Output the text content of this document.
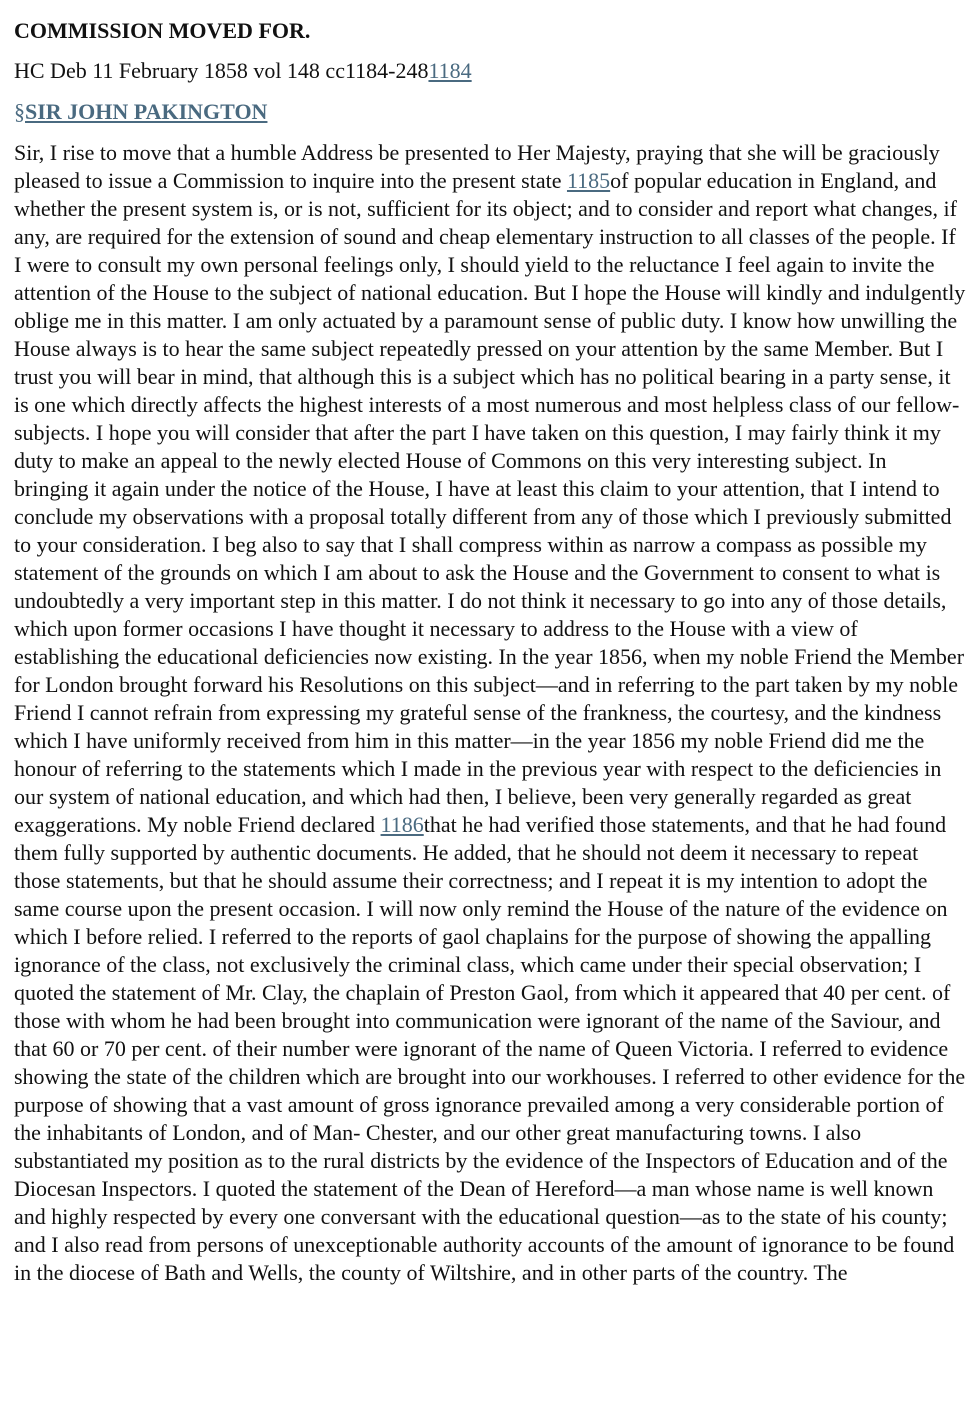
COMMISSION MOVED FOR.

HC Deb 11 February 1858 vol 148 cc1184-2481184

§SIR JOHN PAKINGTON

Sir, I rise to move that a humble Address be presented to Her Majesty, praying that she will be graciously pleased to issue a Commission to inquire into the present state 1185of popular education in England, and whether the present system is, or is not, sufficient for its object; and to consider and report what changes, if any, are required for the extension of sound and cheap elementary instruction to all classes of the people. If I were to consult my own personal feelings only, I should yield to the reluctance I feel again to invite the attention of the House to the subject of national education. But I hope the House will kindly and indulgently oblige me in this matter. I am only actuated by a paramount sense of public duty. I know how unwilling the House always is to hear the same subject repeatedly pressed on your attention by the same Member. But I trust you will bear in mind, that although this is a subject which has no political bearing in a party sense, it is one which directly affects the highest interests of a most numerous and most helpless class of our fellow-subjects. I hope you will consider that after the part I have taken on this question, I may fairly think it my duty to make an appeal to the newly elected House of Commons on this very interesting subject. In bringing it again under the notice of the House, I have at least this claim to your attention, that I intend to conclude my observations with a proposal totally different from any of those which I previously submitted to your consideration. I beg also to say that I shall compress within as narrow a compass as possible my statement of the grounds on which I am about to ask the House and the Government to consent to what is undoubtedly a very important step in this matter. I do not think it necessary to go into any of those details, which upon former occasions I have thought it necessary to address to the House with a view of establishing the educational deficiencies now existing. In the year 1856, when my noble Friend the Member for London brought forward his Resolutions on this subject—and in referring to the part taken by my noble Friend I cannot refrain from expressing my grateful sense of the frankness, the courtesy, and the kindness which I have uniformly received from him in this matter—in the year 1856 my noble Friend did me the honour of referring to the statements which I made in the previous year with respect to the deficiencies in our system of national education, and which had then, I believe, been very generally regarded as great exaggerations. My noble Friend declared 1186that he had verified those statements, and that he had found them fully supported by authentic documents. He added, that he should not deem it necessary to repeat those statements, but that he should assume their correctness; and I repeat it is my intention to adopt the same course upon the present occasion. I will now only remind the House of the nature of the evidence on which I before relied. I referred to the reports of gaol chaplains for the purpose of showing the appalling ignorance of the class, not exclusively the criminal class, which came under their special observation; I quoted the statement of Mr. Clay, the chaplain of Preston Gaol, from which it appeared that 40 per cent. of those with whom he had been brought into communication were ignorant of the name of the Saviour, and that 60 or 70 per cent. of their number were ignorant of the name of Queen Victoria. I referred to evidence showing the state of the children which are brought into our workhouses. I referred to other evidence for the purpose of showing that a vast amount of gross ignorance prevailed among a very considerable portion of the inhabitants of London, and of Man- Chester, and our other great manufacturing towns. I also substantiated my position as to the rural districts by the evidence of the Inspectors of Education and of the Diocesan Inspectors. I quoted the statement of the Dean of Hereford—a man whose name is well known and highly respected by every one conversant with the educational question—as to the state of his county; and I also read from persons of unexceptionable authority accounts of the amount of ignorance to be found in the diocese of Bath and Wells, the county of Wiltshire, and in other parts of the country. The
